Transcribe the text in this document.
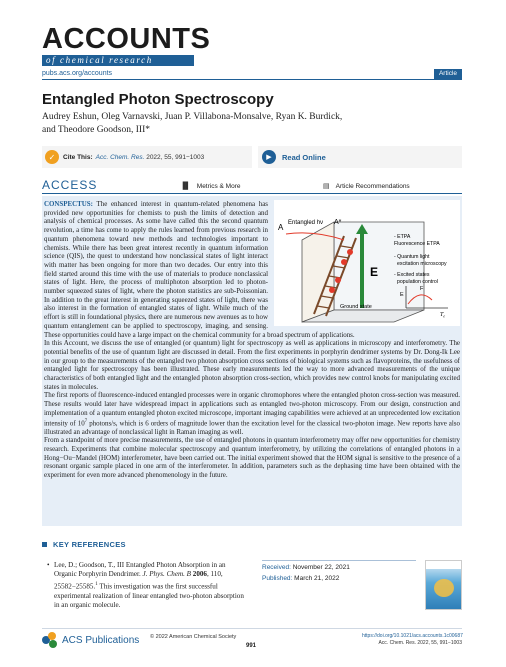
ACCOUNTS
of chemical research
pubs.acs.org/accounts	Article
Entangled Photon Spectroscopy
Audrey Eshun, Oleg Varnavski, Juan P. Villabona-Monsalve, Ryan K. Burdick,
and Theodore Goodson, III*
✓	Cite This: Acc. Chem. Res. 2022, 55, 991−1003	▶	Read Online
ACCESS	▐▌ Metrics & More	▤ Article Recommendations
A Entangled hν A*
- ETPA
Fluorescence ETPA
- Quantum light
excitation microscopy
- Excited states
population control
E
E
F
Ground state
$T_e$

CONSPECTUS: The enhanced interest in quantum-related phenomena has provided new opportunities for chemists to push the limits of detection and analysis of chemical processes. As some have called this the second quantum revolution, a time has come to apply the rules learned from previous research in quantum phenomena toward new methods and technologies important to chemists. While there has been great interest recently in quantum information science (QIS), the quest to understand how nonclassical states of light interact with matter has been ongoing for more than two decades. Our entry into this field started around this time with the use of materials to produce nonclassical states of light. Here, the process of multiphoton absorption led to photon-number squeezed states of light, where the photon statistics are sub-Poissonian. In addition to the great interest in generating squeezed states of light, there was also interest in the formation of entangled states of light. While much of the effort is still in foundational physics, there are numerous new avenues as to how quantum entanglement can be applied to spectroscopy, imaging, and sensing. These opportunities could have a large impact on the chemical community for a broad spectrum of applications.

In this Account, we discuss the use of entangled (or quantum) light for spectroscopy as well as applications in microscopy and interferometry. The potential benefits of the use of quantum light are discussed in detail. From the first experiments in porphyrin dendrimer systems by Dr. Dong-Ik Lee in our group to the measurements of the entangled two photon absorption cross sections of biological systems such as flavoproteins, the usefulness of entangled light for spectroscopy has been illustrated. These early measurements led the way to more advanced measurements of the unique characteristics of both entangled light and the entangled photon absorption cross-section, which provides new control knobs for manipulating excited states in molecules.

The first reports of fluorescence-induced entangled processes were in organic chromophores where the entangled photon cross-section was measured. These results would later have widespread impact in applications such as entangled two-photon microscopy. From our design, construction and implementation of a quantum entangled photon excited microscope, important imaging capabilities were achieved at an unprecedented low excitation intensity of $10^7$ photons/s, which is 6 orders of magnitude lower than the excitation level for the classical two-photon image. New reports have also illustrated an advantage of nonclassical light in Raman imaging as well.

From a standpoint of more precise measurements, the use of entangled photons in quantum interferometry may offer new opportunities for chemistry research. Experiments that combine molecular spectroscopy and quantum interferometry, by utilizing the correlations of entangled photons in a Hong−Ou−Mandel (HOM) interferometer, have been carried out. The initial experiment showed that the HOM signal is sensitive to the presence of a resonant organic sample placed in one arm of the interferometer. In addition, parameters such as the dephasing time have been obtained with the experiment for even more advanced phenomenology in the future.

KEY REFERENCES
• Lee, D.; Goodson, T., III Entangled Photon Absorption in an Organic Porphyrin Dendrimer. J. Phys. Chem. B 2006, 110, 25582−25585.$^1$ This investigation was the first successful experimental realization of linear entangled two-photon absorption in an organic molecule.
Received: November 22, 2021
Published: March 21, 2022
ACS Publications © 2022 American Chemical Society
991
https://doi.org/10.1021/acs.accounts.1c00687
Acc. Chem. Res. 2022, 55, 991−1003
